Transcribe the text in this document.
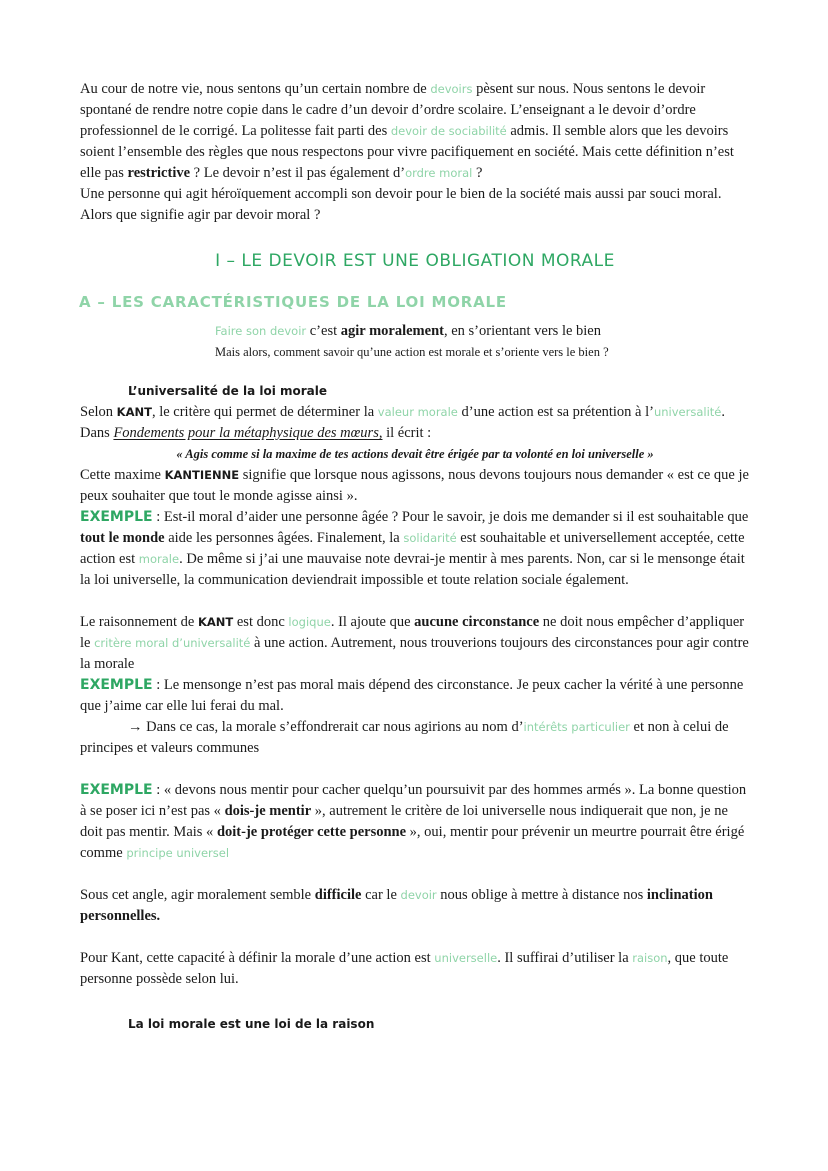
Au cour de notre vie, nous sentons qu’un certain nombre de devoirs pèsent sur nous. Nous sentons le devoir spontané de rendre notre copie dans le cadre d’un devoir d’ordre scolaire. L’enseignant a le devoir d’ordre professionnel de le corrigé. La politesse fait parti des devoir de sociabilité admis. Il semble alors que les devoirs soient l’ensemble des règles que nous respectons pour vivre pacifiquement en société. Mais cette définition n’est elle pas restrictive ? Le devoir n’est il pas également d’ordre moral ?

Une personne qui agit héroïquement accompli son devoir pour le bien de la société mais aussi par souci moral. Alors que signifie agir par devoir moral ?

I – LE DEVOIR EST UNE OBLIGATION MORALE
A – LES CARACTÉRISTIQUES DE LA LOI MORALE

Faire son devoir c’est agir moralement, en s’orientant vers le bien

Mais alors, comment savoir qu’une action est morale et s’oriente vers le bien ?

L’universalité de la loi morale

Selon KANT, le critère qui permet de déterminer la valeur morale d’une action est sa prétention à l’universalité.
Dans Fondements pour la métaphysique des mœurs, il écrit :

« Agis comme si la maxime de tes actions devait être érigée par ta volonté en loi universelle »

Cette maxime KANTIENNE signifie que lorsque nous agissons, nous devons toujours nous demander « est ce que je peux souhaiter que tout le monde agisse ainsi ».

EXEMPLE : Est-il moral d’aider une personne âgée ? Pour le savoir, je dois me demander si il est souhaitable que tout le monde aide les personnes âgées. Finalement, la solidarité est souhaitable et universellement acceptée, cette action est morale. De même si j’ai une mauvaise note devrai-je mentir à mes parents. Non, car si le mensonge était la loi universelle, la communication deviendrait impossible et toute relation sociale également.

Le raisonnement de KANT est donc logique. Il ajoute que aucune circonstance ne doit nous empêcher d’appliquer le critère moral d’universalité à une action. Autrement, nous trouverions toujours des circonstances pour agir contre la morale

EXEMPLE : Le mensonge n’est pas moral mais dépend des circonstance. Je peux cacher la vérité à une personne que j’aime car elle lui ferai du mal.
→ Dans ce cas, la morale s’effondrerait car nous agirions au nom d’intérêts particulier et non à celui de principes et valeurs communes

EXEMPLE : « devons nous mentir pour cacher quelqu’un poursuivit par des hommes armés ». La bonne question à se poser ici n’est pas « dois-je mentir », autrement le critère de loi universelle nous indiquerait que non, je ne doit pas mentir. Mais « doit-je protéger cette personne », oui, mentir pour prévenir un meurtre pourrait être érigé comme principe universel

Sous cet angle, agir moralement semble difficile car le devoir nous oblige à mettre à distance nos inclination personnelles.

Pour Kant, cette capacité à définir la morale d’une action est universelle. Il suffirai d’utiliser la raison, que toute personne possède selon lui.

La loi morale est une loi de la raison
